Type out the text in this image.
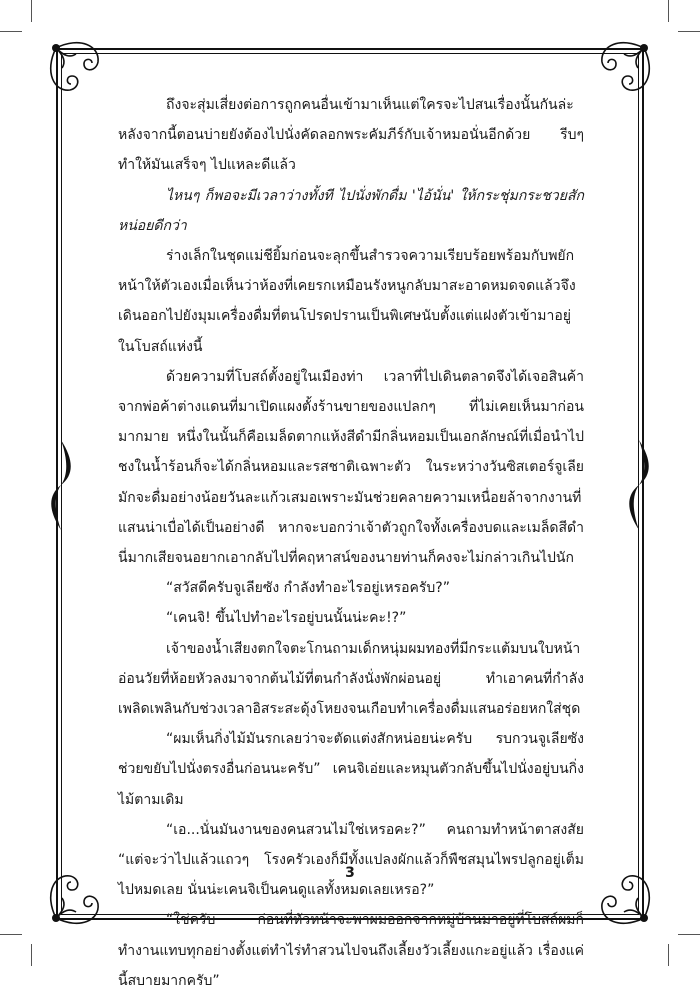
ถึงจะสุ่มเสี่ยงต่อการถูกคนอื่นเข้ามาเห็นแต่ใครจะไปสนเรื่องนั้นกันล่ะ หลังจากนี้ตอนบ่ายยังต้องไปนั่งคัดลอกพระคัมภีร์กับเจ้าหมอนั่นอีกด้วย รีบๆ ทำให้มันเสร็จๆ ไปแหละดีแล้ว

ไหนๆ ก็พอจะมีเวลาว่างทั้งที ไปนั่งพักดื่ม 'ไอ้นั่น' ให้กระชุ่มกระชวยสักหน่อยดีกว่า

ร่างเล็กในชุดแม่ชียิ้มก่อนจะลุกขึ้นสำรวจความเรียบร้อยพร้อมกับพยักหน้าให้ตัวเองเมื่อเห็นว่าห้องที่เคยรกเหมือนรังหนูกลับมาสะอาดหมดจดแล้วจึงเดินออกไปยังมุมเครื่องดื่มที่ตนโปรดปรานเป็นพิเศษนับตั้งแต่แฝงตัวเข้ามาอยู่ในโบสถ์แห่งนี้

ด้วยความที่โบสถ์ตั้งอยู่ในเมืองท่า เวลาที่ไปเดินตลาดจึงได้เจอสินค้าจากพ่อค้าต่างแดนที่มาเปิดแผงตั้งร้านขายของแปลกๆ ที่ไม่เคยเห็นมาก่อนมากมาย หนึ่งในนั้นก็คือเมล็ดตากแห้งสีดำมีกลิ่นหอมเป็นเอกลักษณ์ที่เมื่อนำไปชงในน้ำร้อนก็จะได้กลิ่นหอมและรสชาติเฉพาะตัว ในระหว่างวันซิสเตอร์จูเลียมักจะดื่มอย่างน้อยวันละแก้วเสมอเพราะมันช่วยคลายความเหนื่อยล้าจากงานที่แสนน่าเบื่อได้เป็นอย่างดี หากจะบอกว่าเจ้าตัวถูกใจทั้งเครื่องบดและเมล็ดสีดำนี่มากเสียจนอยากเอากลับไปที่คฤหาสน์ของนายท่านก็คงจะไม่กล่าวเกินไปนัก

“สวัสดีครับจูเลียซัง กำลังทำอะไรอยู่เหรอครับ?”

“เคนจิ! ขึ้นไปทำอะไรอยู่บนนั้นน่ะคะ!?”

เจ้าของน้ำเสียงตกใจตะโกนถามเด็กหนุ่มผมทองที่มีกระแต้มบนใบหน้าอ่อนวัยที่ห้อยหัวลงมาจากต้นไม้ที่ตนกำลังนั่งพักผ่อนอยู่ ทำเอาคนที่กำลังเพลิดเพลินกับช่วงเวลาอิสระสะดุ้งโหยงจนเกือบทำเครื่องดื่มแสนอร่อยหกใส่ชุด

“ผมเห็นกิ่งไม้มันรกเลยว่าจะตัดแต่งสักหน่อยน่ะครับ รบกวนจูเลียซังช่วยขยับไปนั่งตรงอื่นก่อนนะครับ” เคนจิเอ่ยและหมุนตัวกลับขึ้นไปนั่งอยู่บนกิ่งไม้ตามเดิม

“เอ...นั่นมันงานของคนสวนไม่ใช่เหรอคะ?” คนถามทำหน้าตาสงสัย “แต่จะว่าไปแล้วแถวๆ โรงครัวเองก็มีทั้งแปลงผักแล้วก็พืชสมุนไพรปลูกอยู่เต็มไปหมดเลย นั่นน่ะเคนจิเป็นคนดูแลทั้งหมดเลยเหรอ?”

“ใช่ครับ ก่อนที่หัวหน้าจะพาผมออกจากหมู่บ้านมาอยู่ที่โบสถ์ผมก็ทำงานแทบทุกอย่างตั้งแต่ทำไร่ทำสวนไปจนถึงเลี้ยงวัวเลี้ยงแกะอยู่แล้ว เรื่องแค่นี้สบายมากครับ”

3
